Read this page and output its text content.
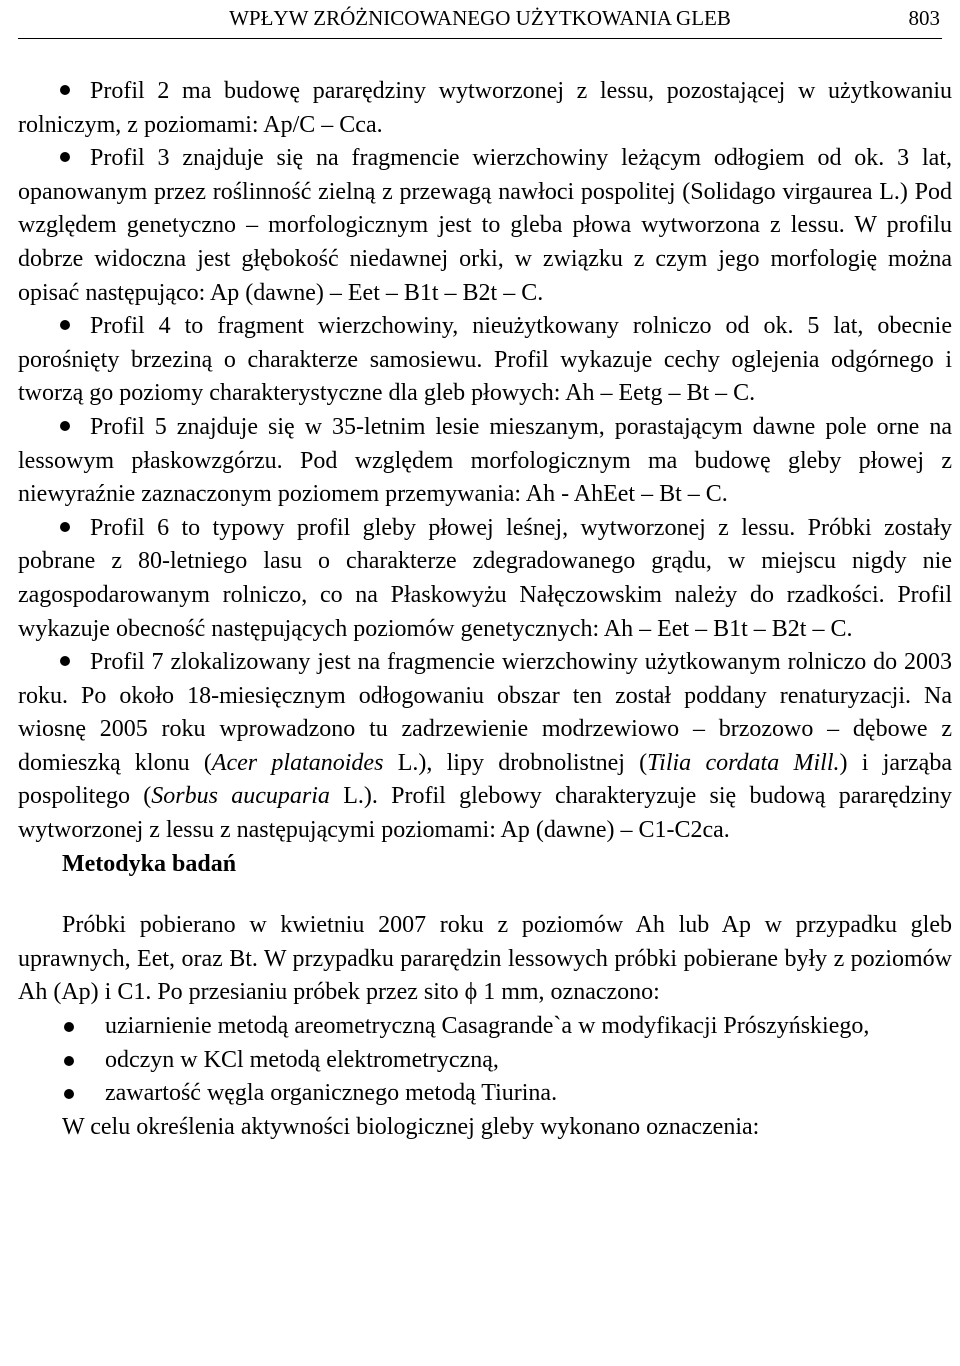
WPŁYW ZRÓŻNICOWANEGO UŻYTKOWANIA GLEB	803

Profil 2 ma budowę pararędziny wytworzonej z lessu, pozostającej w użytkowaniu rolniczym, z poziomami: Ap/C – Cca.

Profil 3 znajduje się na fragmencie wierzchowiny leżącym odłogiem od ok. 3 lat, opanowanym przez roślinność zielną z przewagą nawłoci pospolitej (Solidago virgaurea L.) Pod względem genetyczno – morfologicznym jest to gleba płowa wytworzona z lessu. W profilu dobrze widoczna jest głębokość niedawnej orki, w związku z czym jego morfologię można opisać następująco: Ap (dawne) – Eet – B1t – B2t – C.

Profil 4 to fragment wierzchowiny, nieużytkowany rolniczo od ok. 5 lat, obecnie porośnięty brzeziną o charakterze samosiewu. Profil wykazuje cechy oglejenia odgórnego i tworzą go poziomy charakterystyczne dla gleb płowych: Ah – Eetg – Bt – C.

Profil 5 znajduje się w 35-letnim lesie mieszanym, porastającym dawne pole orne na lessowym płaskowzgórzu. Pod względem morfologicznym ma budowę gleby płowej z niewyraźnie zaznaczonym poziomem przemywania: Ah - AhEet – Bt – C.

Profil 6 to typowy profil gleby płowej leśnej, wytworzonej z lessu. Próbki zostały pobrane z 80-letniego lasu o charakterze zdegradowanego grądu, w miejscu nigdy nie zagospodarowanym rolniczo, co na Płaskowyżu Nałęczowskim należy do rzadkości. Profil wykazuje obecność następujących poziomów genetycznych: Ah – Eet – B1t – B2t – C.

Profil 7 zlokalizowany jest na fragmencie wierzchowiny użytkowanym rolniczo do 2003 roku. Po około 18-miesięcznym odłogowaniu obszar ten został poddany renaturyzacji. Na wiosnę 2005 roku wprowadzono tu zadrzewienie modrzewiowo – brzozowo – dębowe z domieszką klonu (Acer platanoides L.), lipy drobnolistnej (Tilia cordata Mill.) i jarząba pospolitego (Sorbus aucuparia L.). Profil glebowy charakteryzuje się budową pararędziny wytworzonej z lessu z następującymi poziomami: Ap (dawne) – C1-C2ca.

Metodyka badań

Próbki pobierano w kwietniu 2007 roku z poziomów Ah lub Ap w przypadku gleb uprawnych, Eet, oraz Bt. W przypadku pararędzin lessowych próbki pobierane były z poziomów Ah (Ap) i C1. Po przesianiu próbek przez sito ϕ 1 mm, oznaczono:

uziarnienie metodą areometryczną Casagrande`a w modyfikacji Prószyńskiego,
odczyn w KCl metodą elektrometryczną,
zawartość węgla organicznego metodą Tiurina.

W celu określenia aktywności biologicznej gleby wykonano oznaczenia:
